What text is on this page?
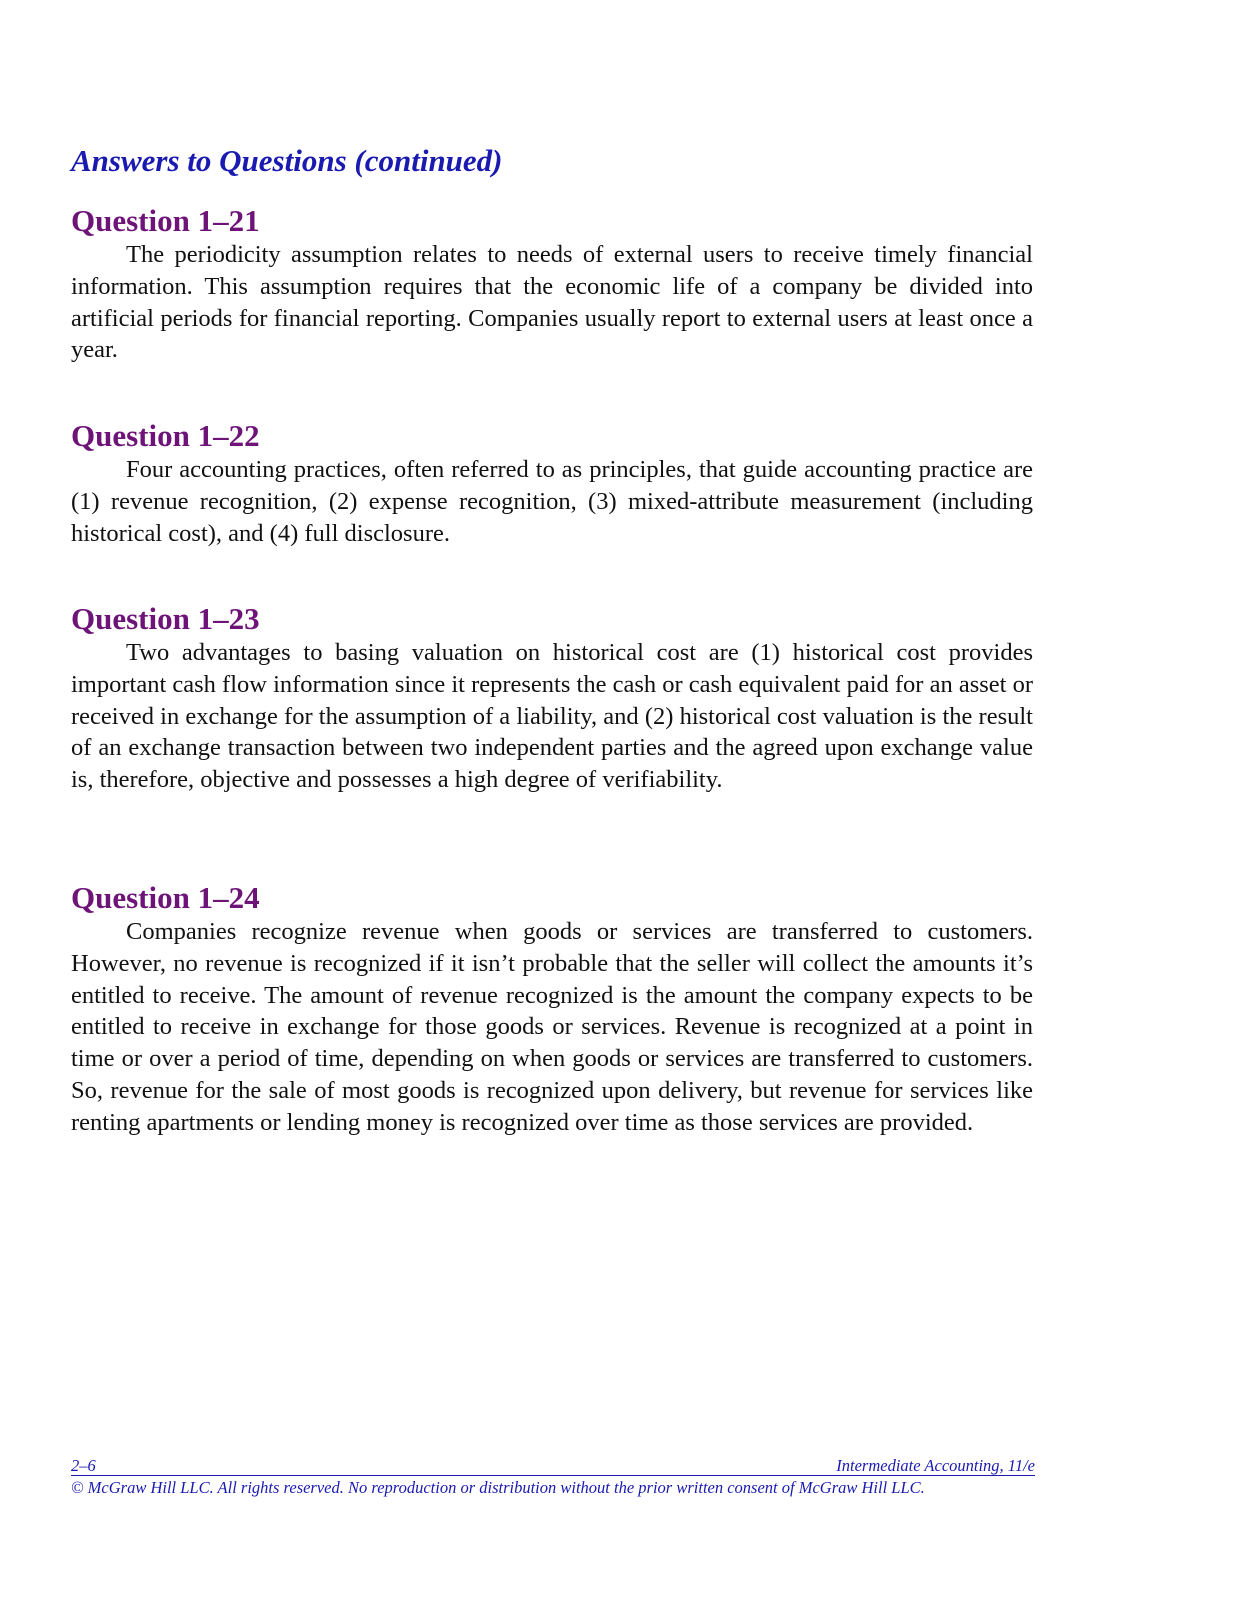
Answers to Questions (continued)
Question 1–21

The periodicity assumption relates to needs of external users to receive timely financial information. This assumption requires that the economic life of a company be divided into artificial periods for financial reporting. Companies usually report to external users at least once a year.

Question 1–22

Four accounting practices, often referred to as principles, that guide accounting practice are (1) revenue recognition, (2) expense recognition, (3) mixed-attribute measurement (including historical cost), and (4) full disclosure.

Question 1–23

Two advantages to basing valuation on historical cost are (1) historical cost provides important cash flow information since it represents the cash or cash equivalent paid for an asset or received in exchange for the assumption of a liability, and (2) historical cost valuation is the result of an exchange transaction between two independent parties and the agreed upon exchange value is, therefore, objective and possesses a high degree of verifiability.

Question 1–24

Companies recognize revenue when goods or services are transferred to customers. However, no revenue is recognized if it isn’t probable that the seller will collect the amounts it’s entitled to receive. The amount of revenue recognized is the amount the company expects to be entitled to receive in exchange for those goods or services. Revenue is recognized at a point in time or over a period of time, depending on when goods or services are transferred to customers. So, revenue for the sale of most goods is recognized upon delivery, but revenue for services like renting apartments or lending money is recognized over time as those services are provided.

2–6	Intermediate Accounting, 11/e
© McGraw Hill LLC. All rights reserved. No reproduction or distribution without the prior written consent of McGraw Hill LLC.
